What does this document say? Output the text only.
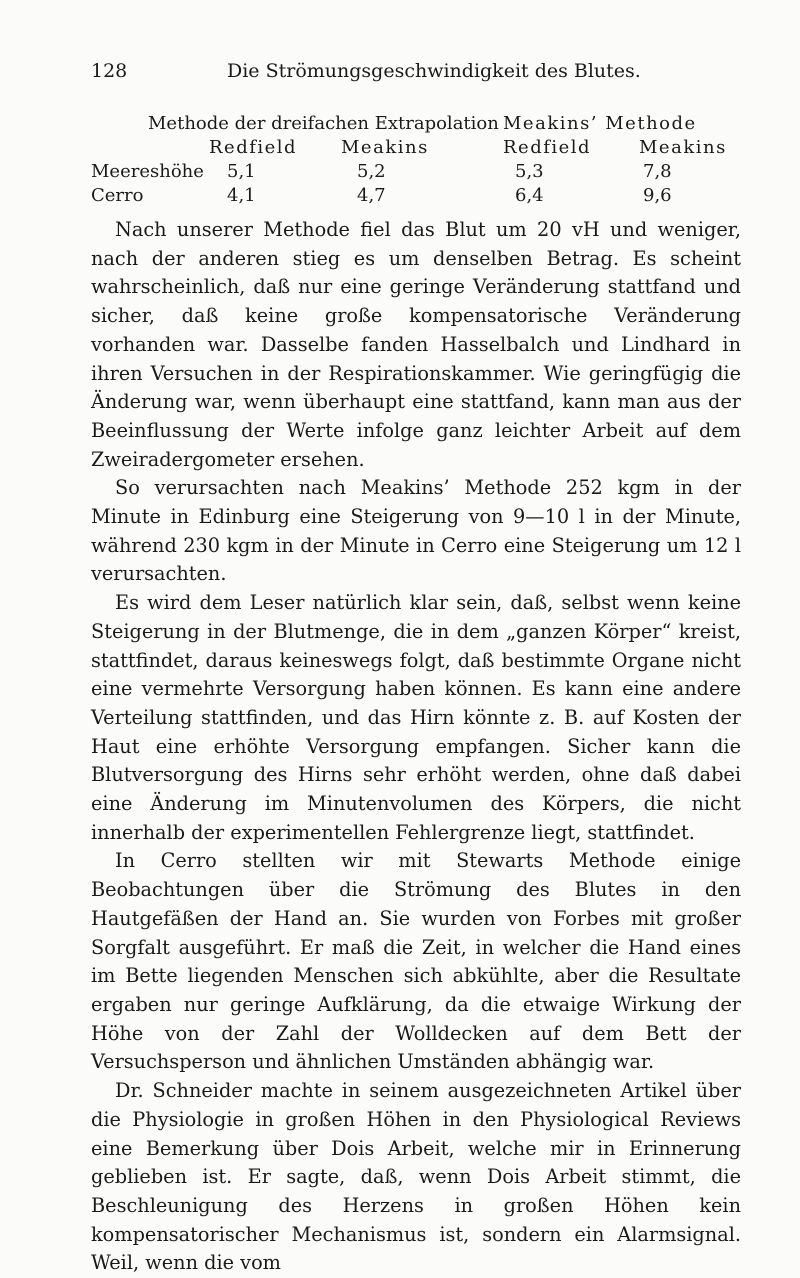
128	Die Strömungsgeschwindigkeit des Blutes.
Methode der dreifachen Extrapolation Meakins’ Methode
Redfield Meakins	Redfield	Meakins
Meereshöhe 5,1	5,2	5,3	7,8
Cerro	4,1	4,7	6,4	9,6

Nach unserer Methode fiel das Blut um 20 vH und weniger, nach der anderen stieg es um denselben Betrag. Es scheint wahrscheinlich, daß nur eine geringe Veränderung stattfand und sicher, daß keine große kompensatorische Veränderung vorhanden war. Dasselbe fanden Hasselbalch und Lindhard in ihren Versuchen in der Respirationskammer. Wie geringfügig die Änderung war, wenn überhaupt eine stattfand, kann man aus der Beeinflussung der Werte infolge ganz leichter Arbeit auf dem Zweiradergometer ersehen.

So verursachten nach Meakins’ Methode 252 kgm in der Minute in Edinburg eine Steigerung von 9—10 l in der Minute, während 230 kgm in der Minute in Cerro eine Steigerung um 12 l verursachten.

Es wird dem Leser natürlich klar sein, daß, selbst wenn keine Steigerung in der Blutmenge, die in dem „ganzen Körper“ kreist, stattfindet, daraus keineswegs folgt, daß bestimmte Organe nicht eine vermehrte Versorgung haben können. Es kann eine andere Verteilung stattfinden, und das Hirn könnte z. B. auf Kosten der Haut eine erhöhte Versorgung empfangen. Sicher kann die Blutversorgung des Hirns sehr erhöht werden, ohne daß dabei eine Änderung im Minutenvolumen des Körpers, die nicht innerhalb der experimentellen Fehlergrenze liegt, stattfindet.

In Cerro stellten wir mit Stewarts Methode einige Beobachtungen über die Strömung des Blutes in den Hautgefäßen der Hand an. Sie wurden von Forbes mit großer Sorgfalt ausgeführt. Er maß die Zeit, in welcher die Hand eines im Bette liegenden Menschen sich abkühlte, aber die Resultate ergaben nur geringe Aufklärung, da die etwaige Wirkung der Höhe von der Zahl der Wolldecken auf dem Bett der Versuchsperson und ähnlichen Umständen abhängig war.

Dr. Schneider machte in seinem ausgezeichneten Artikel über die Physiologie in großen Höhen in den Physiological Reviews eine Bemerkung über Dois Arbeit, welche mir in Erinnerung geblieben ist. Er sagte, daß, wenn Dois Arbeit stimmt, die Beschleunigung des Herzens in großen Höhen kein kompensatorischer Mechanismus ist, sondern ein Alarmsignal. Weil, wenn die vom
